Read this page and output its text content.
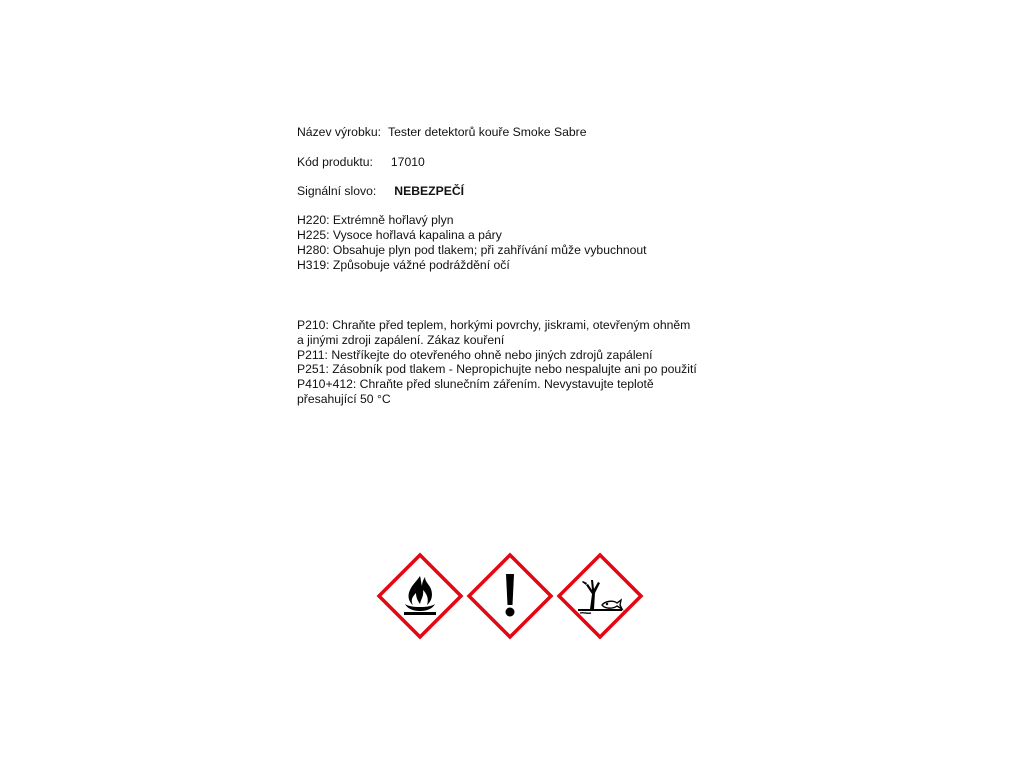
Název výrobku: Tester detektorů kouře Smoke Sabre
Kód produktu: 17010
Signální slovo: NEBEZPEČÍ
H220: Extrémně hořlavý plyn
H225: Vysoce hořlavá kapalina a páry
H280: Obsahuje plyn pod tlakem; při zahřívání může vybuchnout
H319: Způsobuje vážné podráždění očí
P210: Chraňte před teplem, horkými povrchy, jiskrami, otevřeným ohněm
a jinými zdroji zapálení. Zákaz kouření
P211: Nestříkejte do otevřeného ohně nebo jiných zdrojů zapálení
P251: Zásobník pod tlakem - Nepropichujte nebo nespalujte ani po použití
P410+412: Chraňte před slunečním zářením. Nevystavujte teplotě
přesahující 50 °C
